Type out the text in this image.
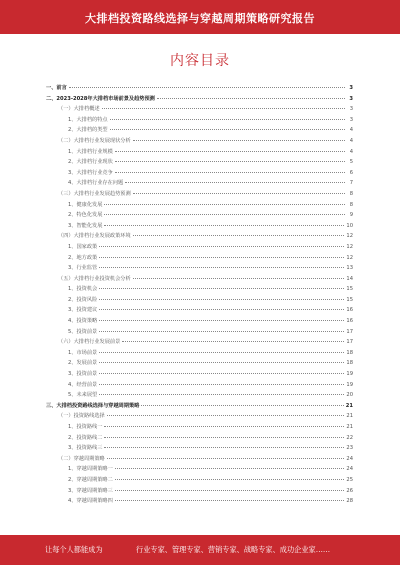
大排档投资路线选择与穿越周期策略研究报告
内容目录
一、前言	3
二、2023-2028年大排档市场前景及趋势预测	3
（一）大排档概述	3
1、大排档的特点	3
2、大排档的类型	4
（二）大排档行业发展现状分析	4
1、大排档行业规模	4
2、大排档行业现状	5
3、大排档行业竞争	6
4、大排档行业存在问题	7
（三）大排档行业发展趋势预测	8
1、健康化发展	8
2、特色化发展	9
3、智能化发展	10
（四）大排档行业发展政策环境	12
1、国家政策	12
2、地方政策	12
3、行业监管	13
（五）大排档行业投资机会分析	14
1、投资机会	15
2、投资风险	15
3、投资建议	16
4、投资策略	16
5、投资前景	17
（六）大排档行业发展前景	17
1、市场前景	18
2、发展前景	18
3、投资前景	19
4、经营前景	19
5、未来展望	20
三、大排档投资路线选择与穿越周期策略	21
（一）投资路线选择	21
1、投资路线一	21
2、投资路线二	22
3、投资路线三	23
（二）穿越周期策略	24
1、穿越周期策略一	24
2、穿越周期策略二	25
3、穿越周期策略三	26
4、穿越周期策略四	28
让每个人都能成为	行业专家、管理专家、营销专家、战略专家、成功企业家……
